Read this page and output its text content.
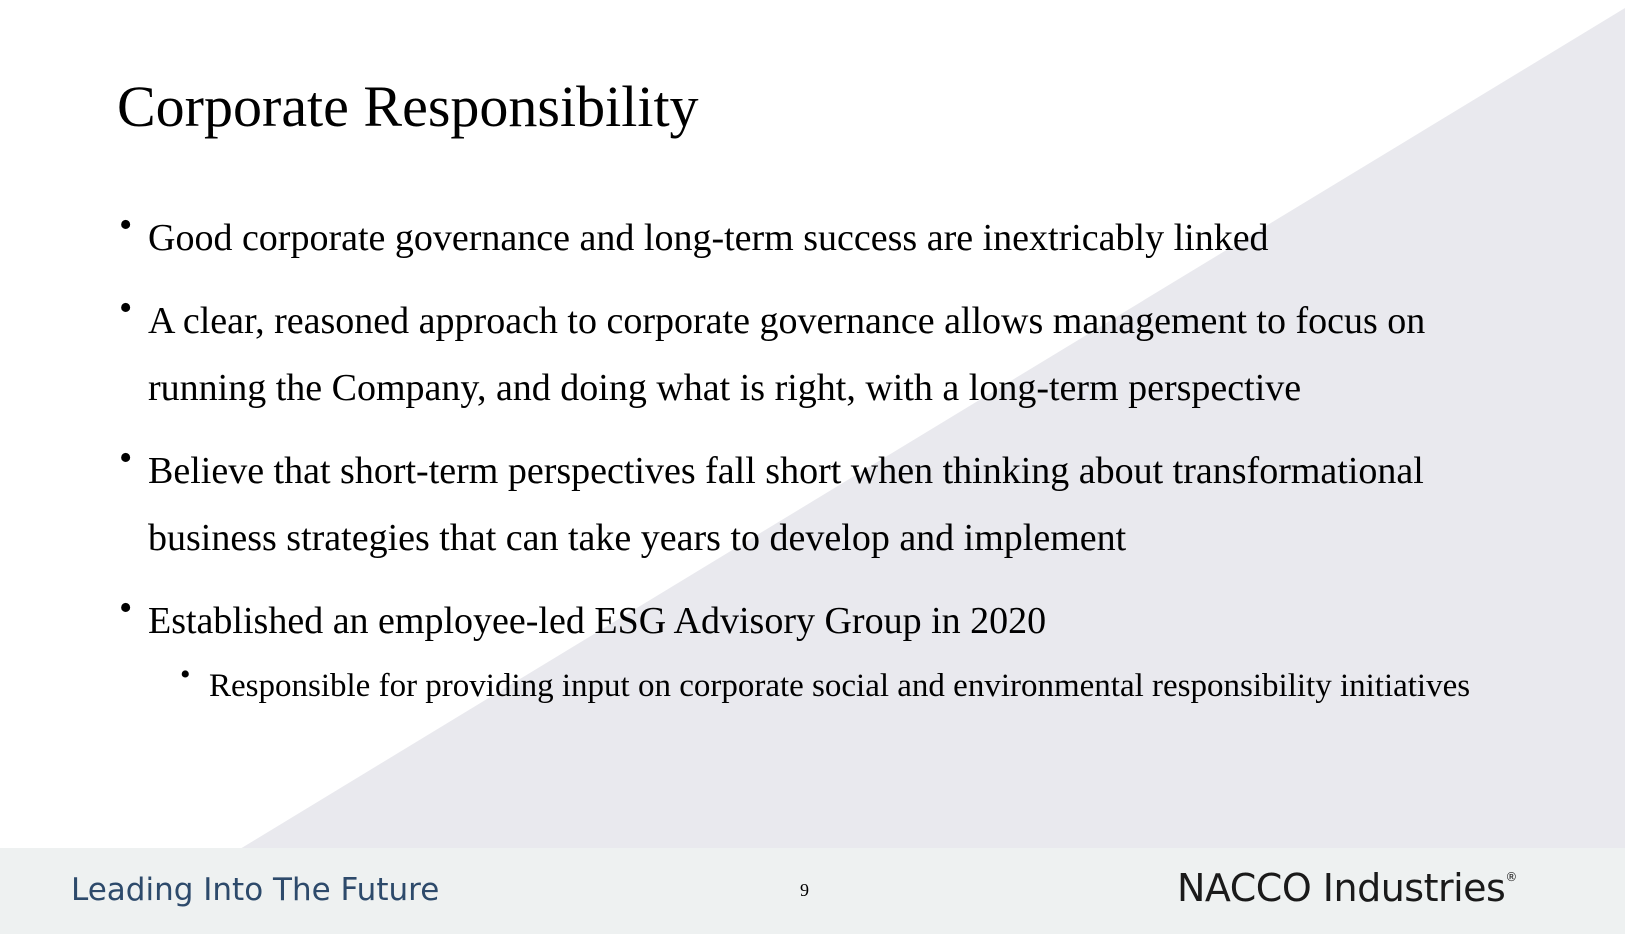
Corporate Responsibility
• Good corporate governance and long-term success are inextricably linked
• A clear, reasoned approach to corporate governance allows management to focus on running the Company, and doing what is right, with a long-term perspective
• Believe that short-term perspectives fall short when thinking about transformational business strategies that can take years to develop and implement
• Established an employee-led ESG Advisory Group in 2020
• Responsible for providing input on corporate social and environmental responsibility initiatives
Leading Into The Future	9	NACCO Industries®
